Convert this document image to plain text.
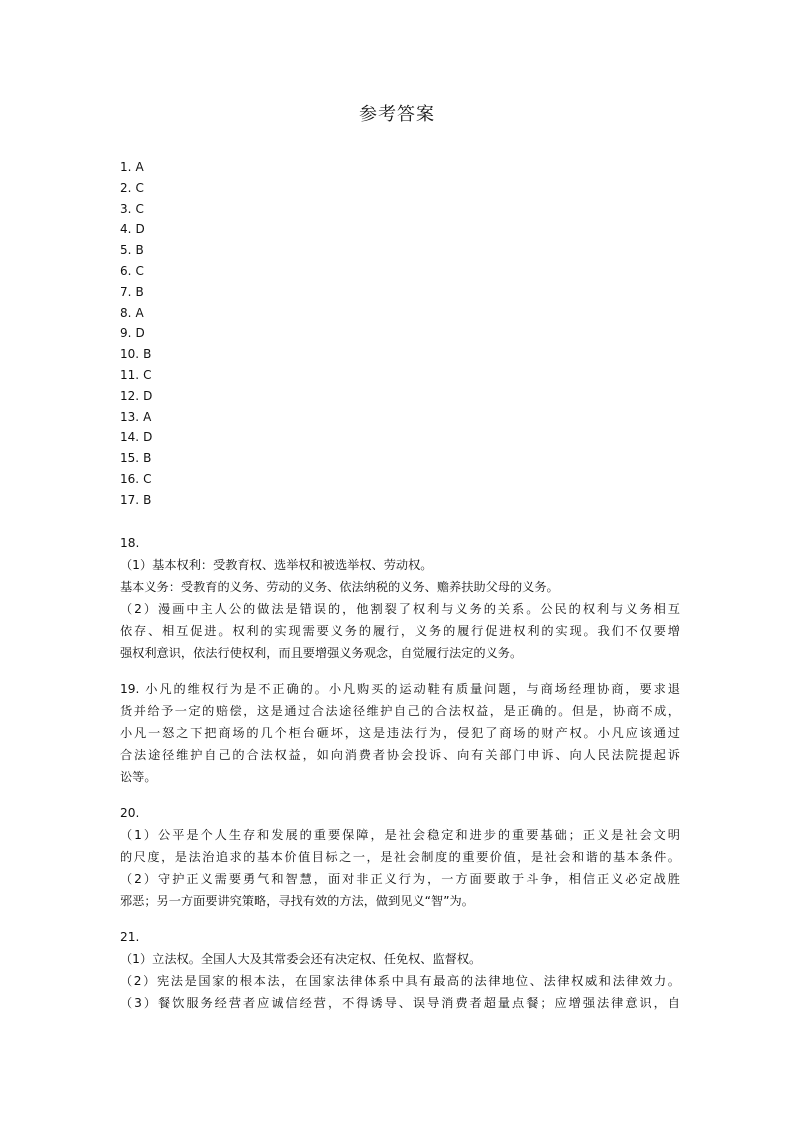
参考答案
1. A
2. C
3. C
4. D
5. B
6. C
7. B
8. A
9. D
10. B
11. C
12. D
13. A
14. D
15. B
16. C
17. B
18.
（1）基本权利：受教育权、选举权和被选举权、劳动权。
基本义务：受教育的义务、劳动的义务、依法纳税的义务、赡养扶助父母的义务。
（2）漫画中主人公的做法是错误的，他割裂了权利与义务的关系。公民的权利与义务相互
依存、相互促进。权利的实现需要义务的履行，义务的履行促进权利的实现。我们不仅要增
强权利意识，依法行使权利，而且要增强义务观念，自觉履行法定的义务。
19. 小凡的维权行为是不正确的。小凡购买的运动鞋有质量问题，与商场经理协商，要求退
货并给予一定的赔偿，这是通过合法途径维护自己的合法权益，是正确的。但是，协商不成，
小凡一怒之下把商场的几个柜台砸坏，这是违法行为，侵犯了商场的财产权。小凡应该通过
合法途径维护自己的合法权益，如向消费者协会投诉、向有关部门申诉、向人民法院提起诉
讼等。
20.
（1）公平是个人生存和发展的重要保障，是社会稳定和进步的重要基础；正义是社会文明
的尺度，是法治追求的基本价值目标之一，是社会制度的重要价值，是社会和谐的基本条件。
（2）守护正义需要勇气和智慧，面对非正义行为，一方面要敢于斗争，相信正义必定战胜
邪恶；另一方面要讲究策略，寻找有效的方法，做到见义“智”为。
21.
（1）立法权。全国人大及其常委会还有决定权、任免权、监督权。
（2）宪法是国家的根本法，在国家法律体系中具有最高的法律地位、法律权威和法律效力。
（3）餐饮服务经营者应诚信经营，不得诱导、误导消费者超量点餐；应增强法律意识，自
